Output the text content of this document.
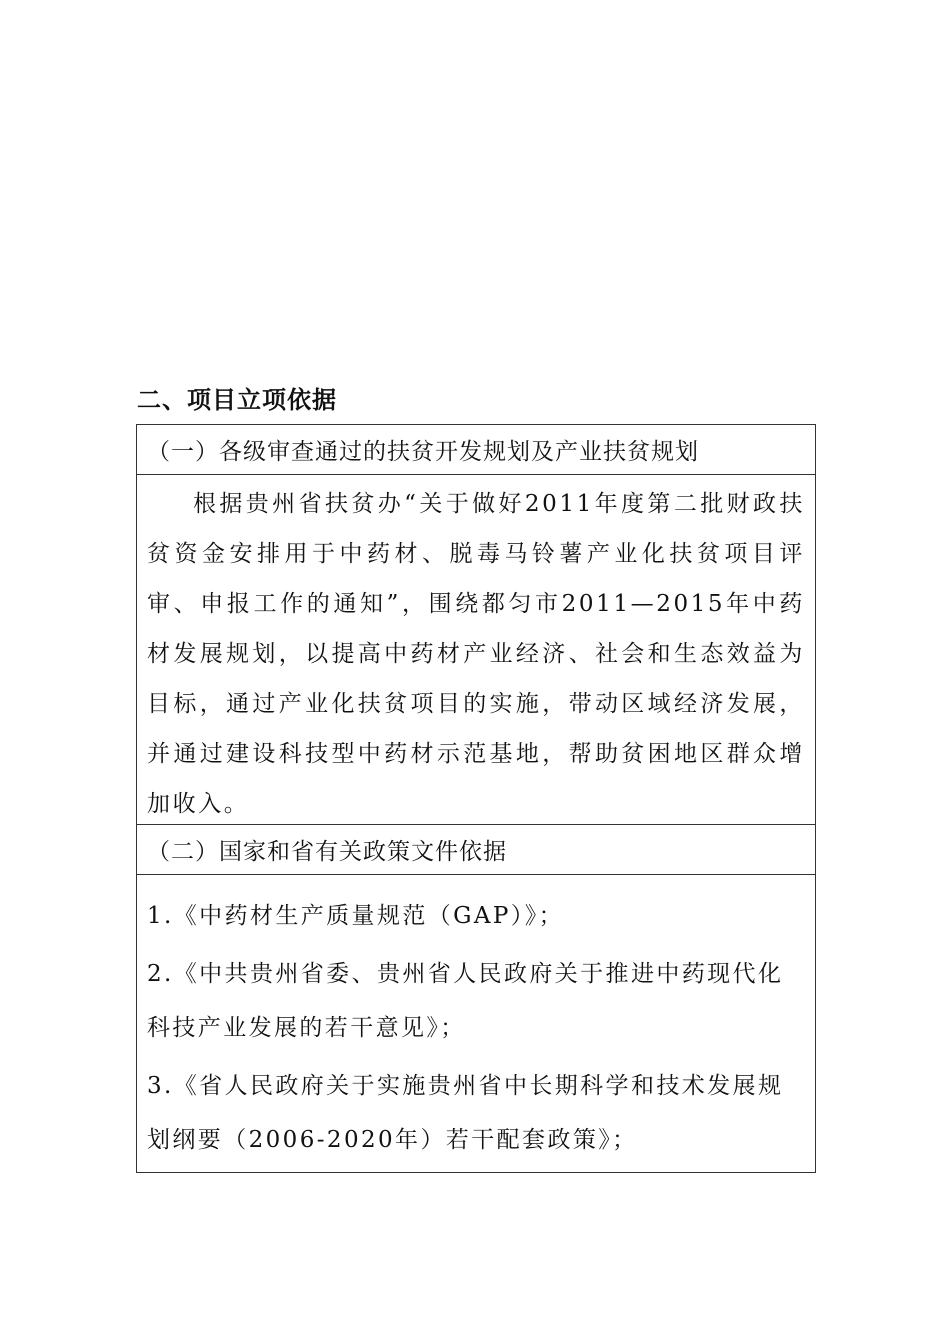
二、项目立项依据
（一）各级审查通过的扶贫开发规划及产业扶贫规划

根据贵州省扶贫办“关于做好2011年度第二批财政扶贫资金安排用于中药材、脱毒马铃薯产业化扶贫项目评审、申报工作的通知”，围绕都匀市2011—2015年中药材发展规划，以提高中药材产业经济、社会和生态效益为目标，通过产业化扶贫项目的实施，带动区域经济发展，并通过建设科技型中药材示范基地，帮助贫困地区群众增加收入。

（二）国家和省有关政策文件依据
1.《中药材生产质量规范（GAP）》；
2.《中共贵州省委、贵州省人民政府关于推进中药现代化
科技产业发展的若干意见》；
3.《省人民政府关于实施贵州省中长期科学和技术发展规
划纲要（2006-2020年）若干配套政策》；
